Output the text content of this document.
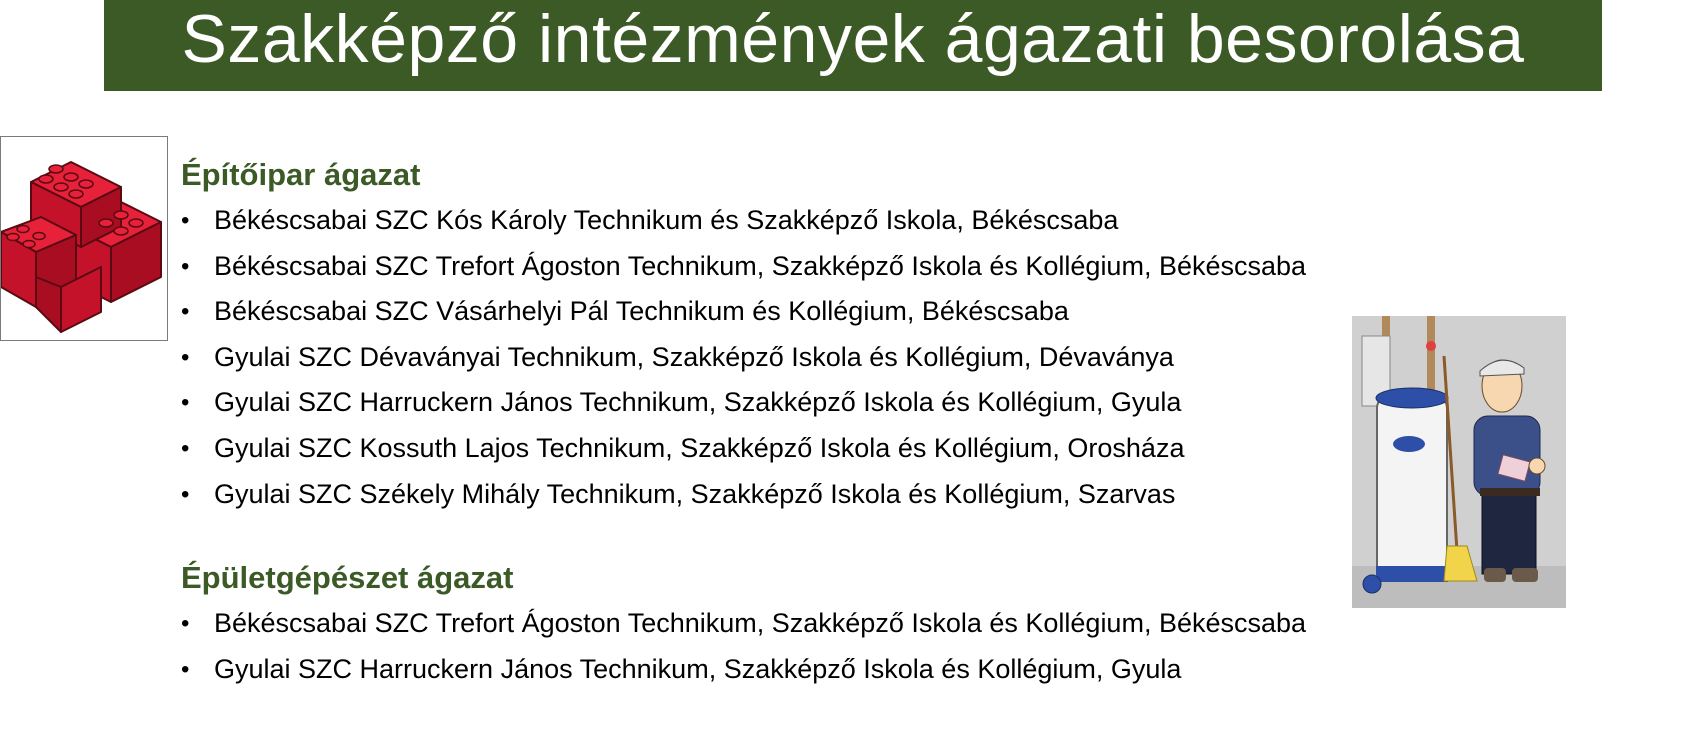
Szakképző intézmények ágazati besorolása
Építőipar ágazat
• Békéscsabai SZC Kós Károly Technikum és Szakképző Iskola, Békéscsaba
• Békéscsabai SZC Trefort Ágoston Technikum, Szakképző Iskola és Kollégium, Békéscsaba
• Békéscsabai SZC Vásárhelyi Pál Technikum és Kollégium, Békéscsaba
• Gyulai SZC Dévaványai Technikum, Szakképző Iskola és Kollégium, Dévaványa
• Gyulai SZC Harruckern János Technikum, Szakképző Iskola és Kollégium, Gyula
• Gyulai SZC Kossuth Lajos Technikum, Szakképző Iskola és Kollégium, Orosháza
• Gyulai SZC Székely Mihály Technikum, Szakképző Iskola és Kollégium, Szarvas
Épületgépészet ágazat
• Békéscsabai SZC Trefort Ágoston Technikum, Szakképző Iskola és Kollégium, Békéscsaba
• Gyulai SZC Harruckern János Technikum, Szakképző Iskola és Kollégium, Gyula
